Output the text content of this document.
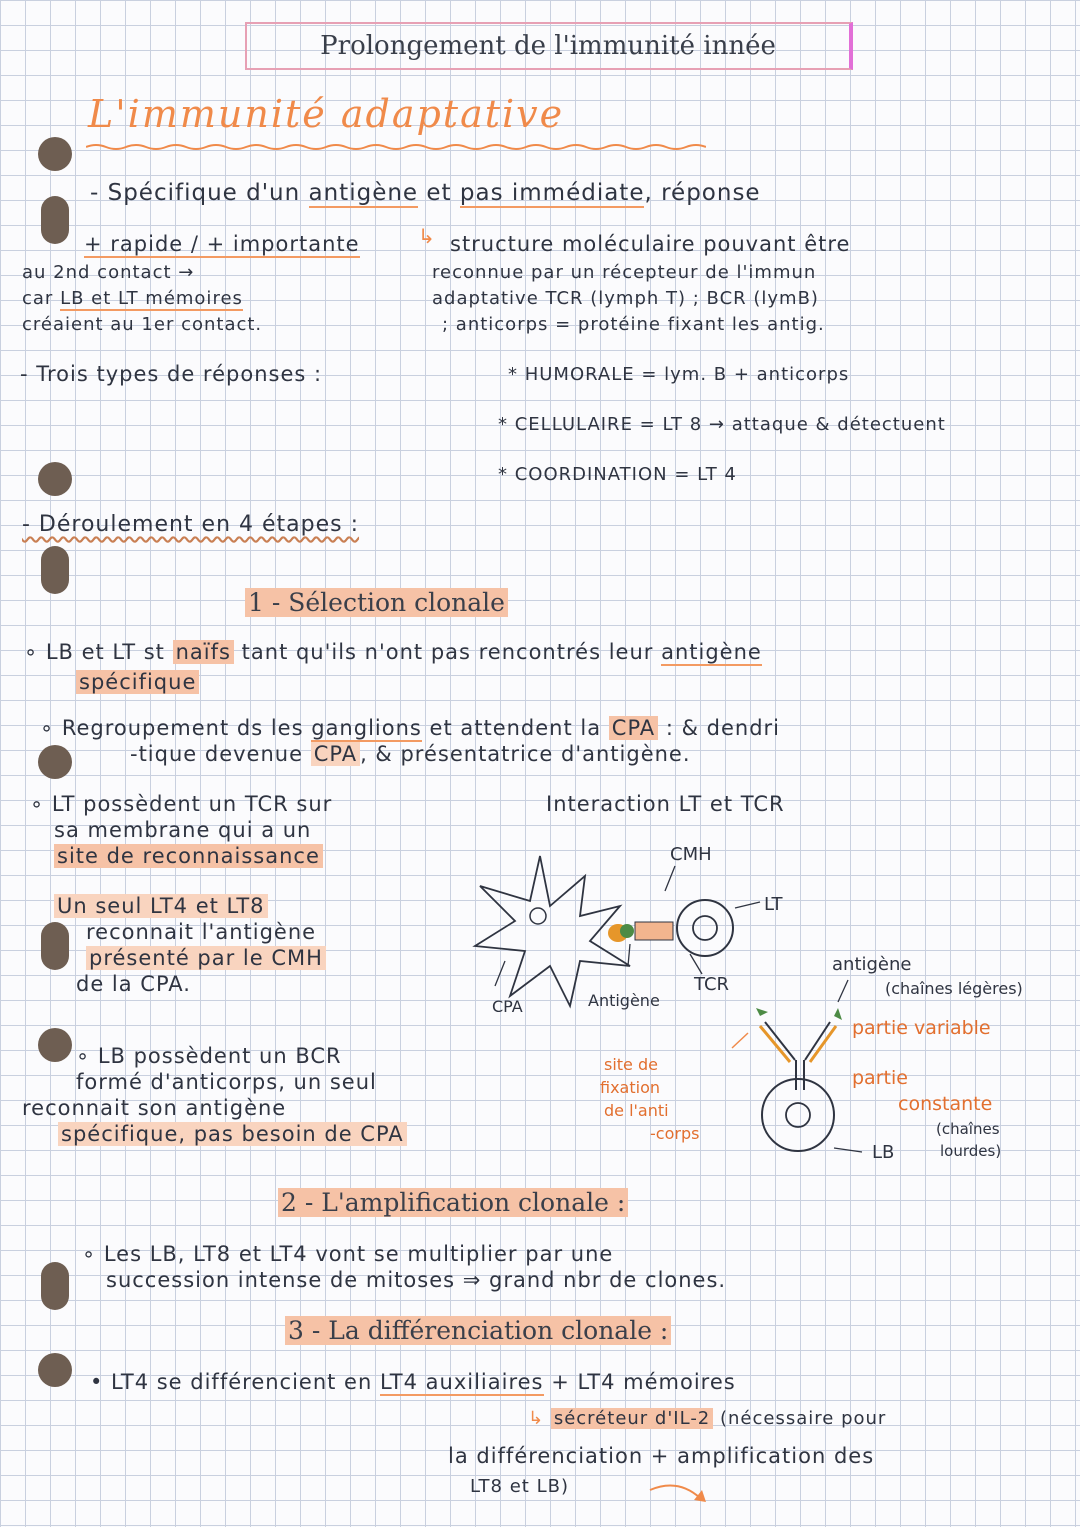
Prolongement de l'immunité innée
L'immunité adaptative
- Spécifique d'un antigène et pas immédiate, réponse
+ rapide / + importante
au 2nd contact →
car LB et LT mémoires
créaient au 1er contact.
↳ structure moléculaire pouvant être
reconnue par un récepteur de l'immun
adaptative TCR (lymph T) ; BCR (lymB)
; anticorps = protéine fixant les antig.
- Trois types de réponses :	* HUMORALE = lym. B + anticorps
* CELLULAIRE = LT 8 → attaque & détectuent
* COORDINATION = LT 4
- Déroulement en 4 étapes :
1 - Sélection clonale
∘ LB et LT st naïfs tant qu'ils n'ont pas rencontrés leur antigène
spécifique
∘ Regroupement ds les ganglions et attendent la CPA : & dendri
-tique devenue CPA , & présentatrice d'antigène.
∘ LT possèdent un TCR sur
sa membrane qui a un
site de reconnaissance
Un seul LT4 et LT8
reconnait l'antigène
présenté par le CMH
de la CPA.
∘ LB possèdent un BCR
formé d'anticorps, un seul
reconnait son antigène
spécifique, pas besoin de CPA
Interaction LT et TCR
CMH
LT
TCR
CPA	Antigène
antigène
(chaînes légères)
partie variable
partie
constante
(chaînes
lourdes)
LB
site de
fixation
de l'anti
-corps
2 - L'amplification clonale :
∘ Les LB, LT8 et LT4 vont se multiplier par une
succession intense de mitoses ⇒ grand nbr de clones.
3 - La différenciation clonale :
• LT4 se différencient en LT4 auxiliaires + LT4 mémoires
↳ sécréteur d'IL-2 (nécessaire pour
la différenciation + amplification des
LT8 et LB)
